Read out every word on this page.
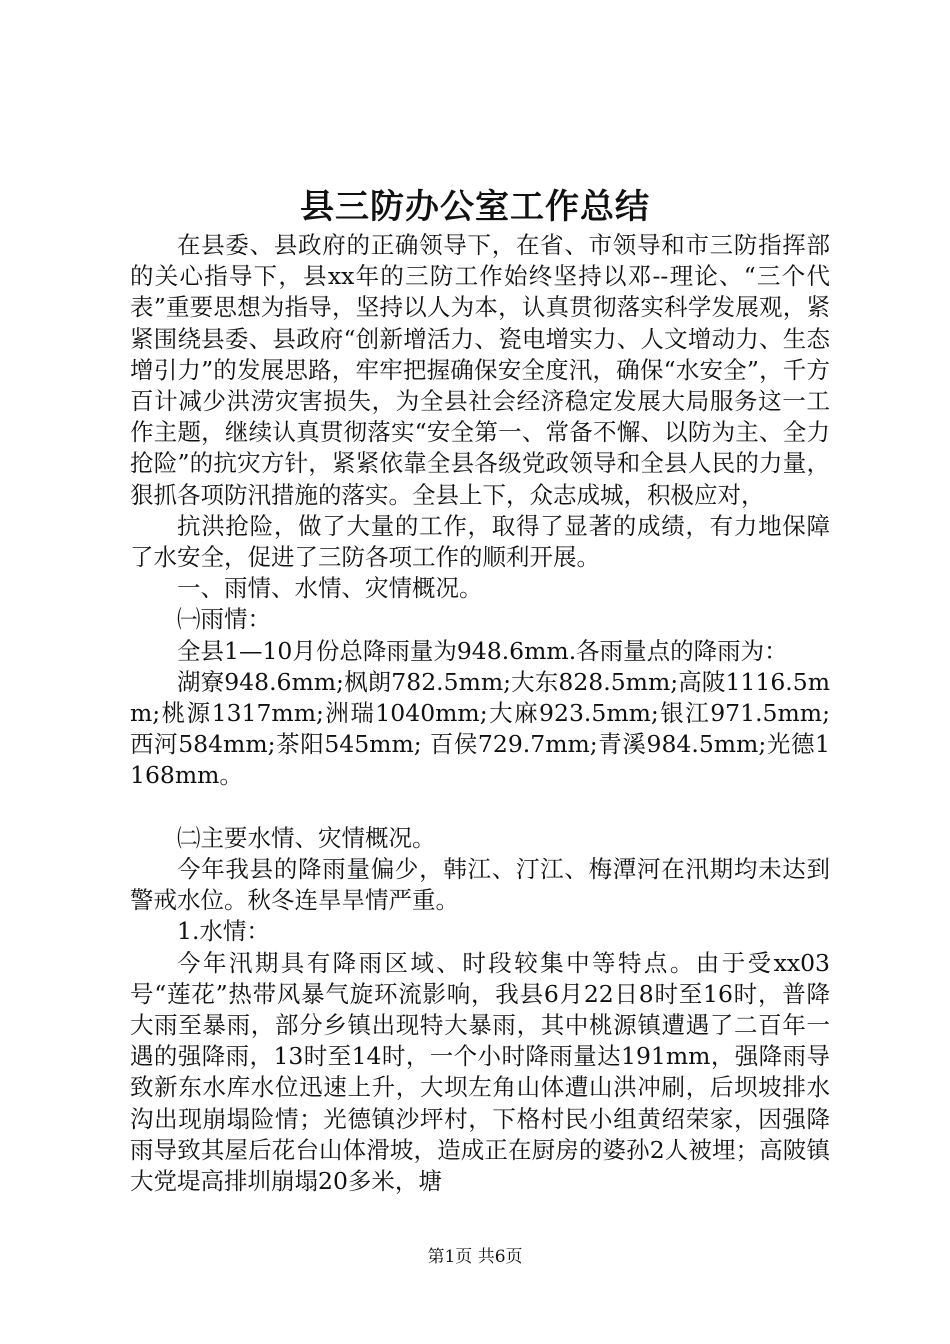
县三防办公室工作总结

在县委、县政府的正确领导下，在省、市领导和市三防指挥部的关心指导下，县xx年的三防工作始终坚持以邓--理论、“三个代表”重要思想为指导，坚持以人为本，认真贯彻落实科学发展观，紧紧围绕县委、县政府“创新增活力、瓷电增实力、人文增动力、生态增引力”的发展思路，牢牢把握确保安全度汛，确保“水安全”，千方百计减少洪涝灾害损失，为全县社会经济稳定发展大局服务这一工作主题，继续认真贯彻落实“安全第一、常备不懈、以防为主、全力抢险”的抗灾方针，紧紧依靠全县各级党政领导和全县人民的力量，狠抓各项防汛措施的落实。全县上下，众志成城，积极应对，

抗洪抢险，做了大量的工作，取得了显著的成绩，有力地保障了水安全，促进了三防各项工作的顺利开展。

一、雨情、水情、灾情概况。

㈠雨情：

全县1—10月份总降雨量为948.6mm.各雨量点的降雨为：

湖寮948.6mm;枫朗782.5mm;大东828.5mm;高陂1116.5mm;桃源1317mm;洲瑞1040mm;大麻923.5mm;银江971.5mm;西河584mm;茶阳545mm; 百侯729.7mm;青溪984.5mm;光德1168mm。

㈡主要水情、灾情概况。

今年我县的降雨量偏少，韩江、汀江、梅潭河在汛期均未达到警戒水位。秋冬连旱旱情严重。

1.水情：

今年汛期具有降雨区域、时段较集中等特点。由于受xx03号“莲花”热带风暴气旋环流影响，我县6月22日8时至16时，普降大雨至暴雨，部分乡镇出现特大暴雨，其中桃源镇遭遇了二百年一遇的强降雨，13时至14时，一个小时降雨量达191mm，强降雨导致新东水库水位迅速上升，大坝左角山体遭山洪冲刷，后坝坡排水沟出现崩塌险情；光德镇沙坪村，下格村民小组黄绍荣家，因强降雨导致其屋后花台山体滑坡，造成正在厨房的婆孙2人被埋；高陂镇大党堤高排圳崩塌20多米，塘

第1页 共6页
